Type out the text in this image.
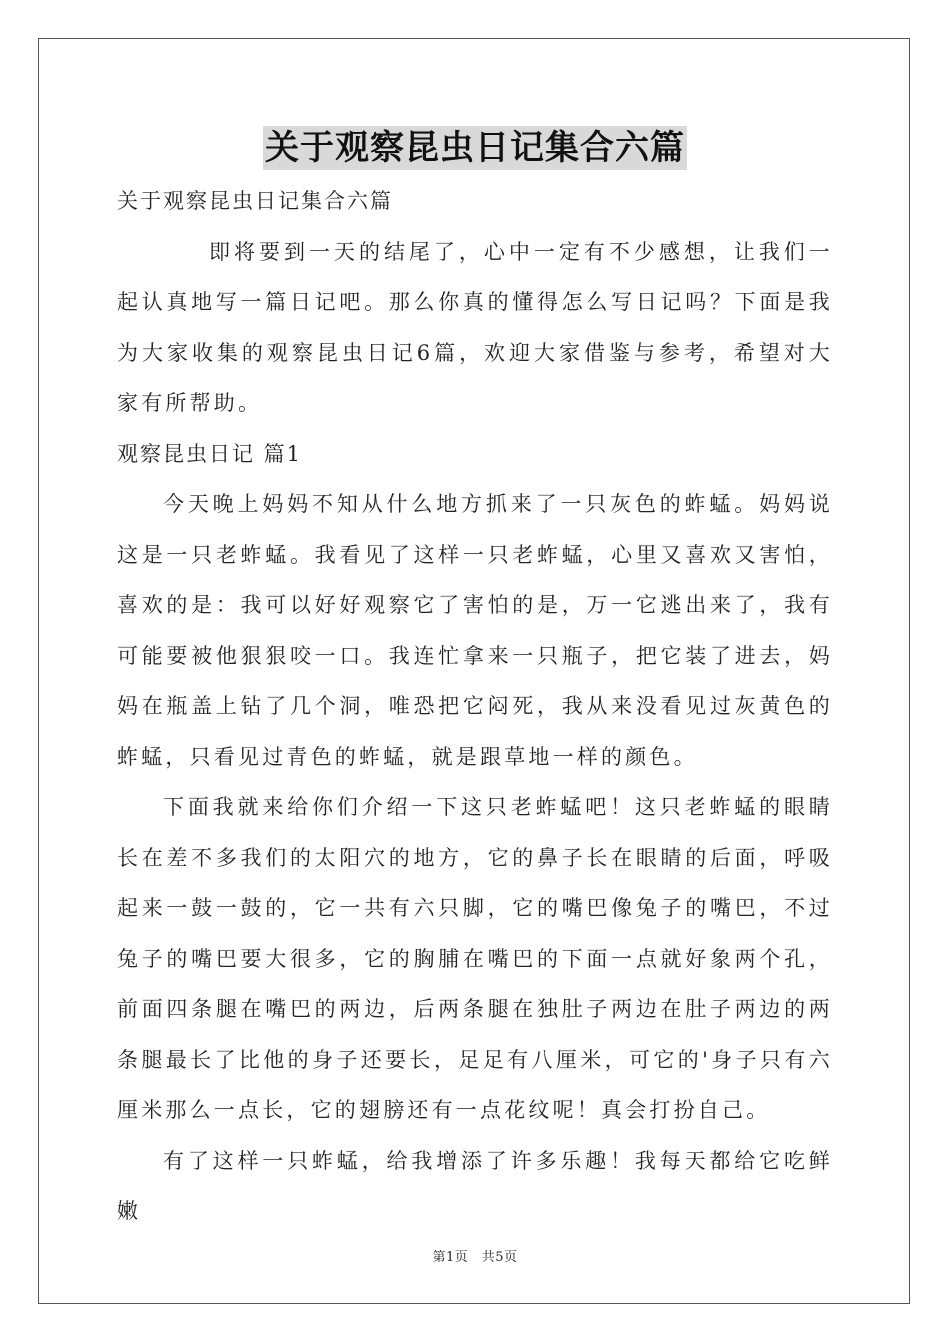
关于观察昆虫日记集合六篇

关于观察昆虫日记集合六篇

即将要到一天的结尾了，心中一定有不少感想，让我们一起认真地写一篇日记吧。那么你真的懂得怎么写日记吗？下面是我为大家收集的观察昆虫日记6篇，欢迎大家借鉴与参考，希望对大家有所帮助。

观察昆虫日记 篇1

今天晚上妈妈不知从什么地方抓来了一只灰色的蚱蜢。妈妈说这是一只老蚱蜢。我看见了这样一只老蚱蜢，心里又喜欢又害怕，喜欢的是：我可以好好观察它了害怕的是，万一它逃出来了，我有可能要被他狠狠咬一口。我连忙拿来一只瓶子，把它装了进去，妈妈在瓶盖上钻了几个洞，唯恐把它闷死，我从来没看见过灰黄色的蚱蜢，只看见过青色的蚱蜢，就是跟草地一样的颜色。

下面我就来给你们介绍一下这只老蚱蜢吧！这只老蚱蜢的眼睛长在差不多我们的太阳穴的地方，它的鼻子长在眼睛的后面，呼吸起来一鼓一鼓的，它一共有六只脚，它的嘴巴像兔子的嘴巴，不过兔子的嘴巴要大很多，它的胸脯在嘴巴的下面一点就好象两个孔，前面四条腿在嘴巴的两边，后两条腿在独肚子两边在肚子两边的两条腿最长了比他的身子还要长，足足有八厘米，可它的'身子只有六厘米那么一点长，它的翅膀还有一点花纹呢！真会打扮自己。

有了这样一只蚱蜢，给我增添了许多乐趣！我每天都给它吃鲜嫩

第1页　共5页
